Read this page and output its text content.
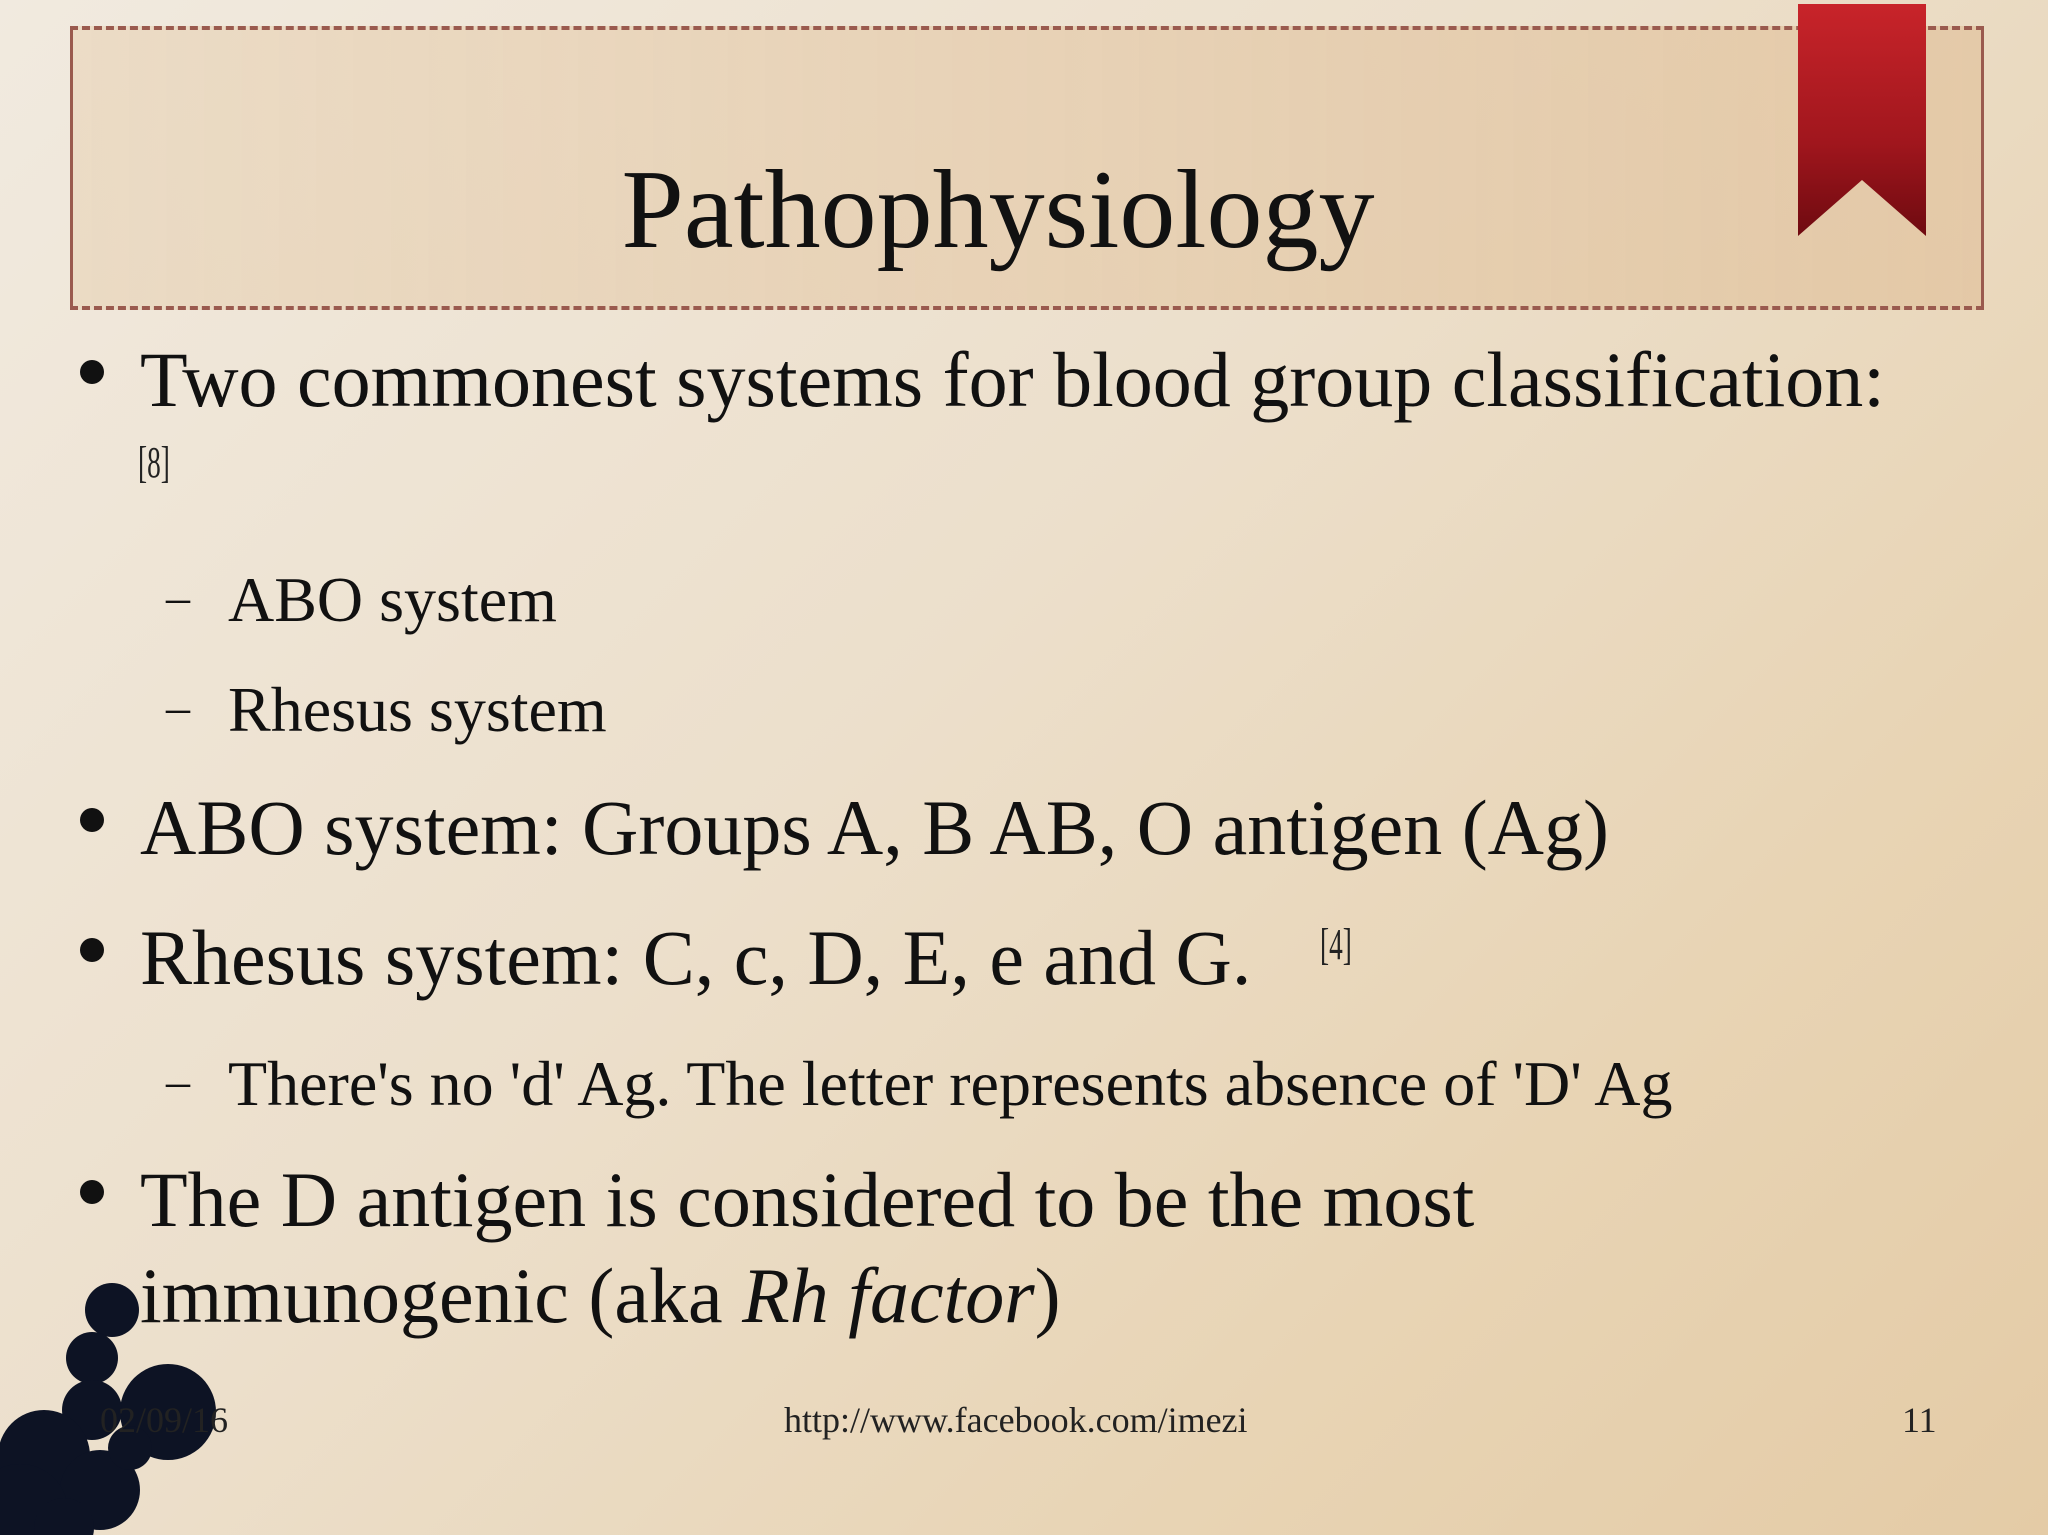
Pathophysiology
Two commonest systems for blood group classification:
[8]
– ABO system
– Rhesus system
ABO system: Groups A, B AB, O antigen (Ag)
Rhesus system: C, c, D, E, e and G. [4]
– There's no 'd' Ag. The letter represents absence of 'D' Ag
The D antigen is considered to be the most
immunogenic (aka Rh factor)
02/09/16	http://www.facebook.com/imezi	11
